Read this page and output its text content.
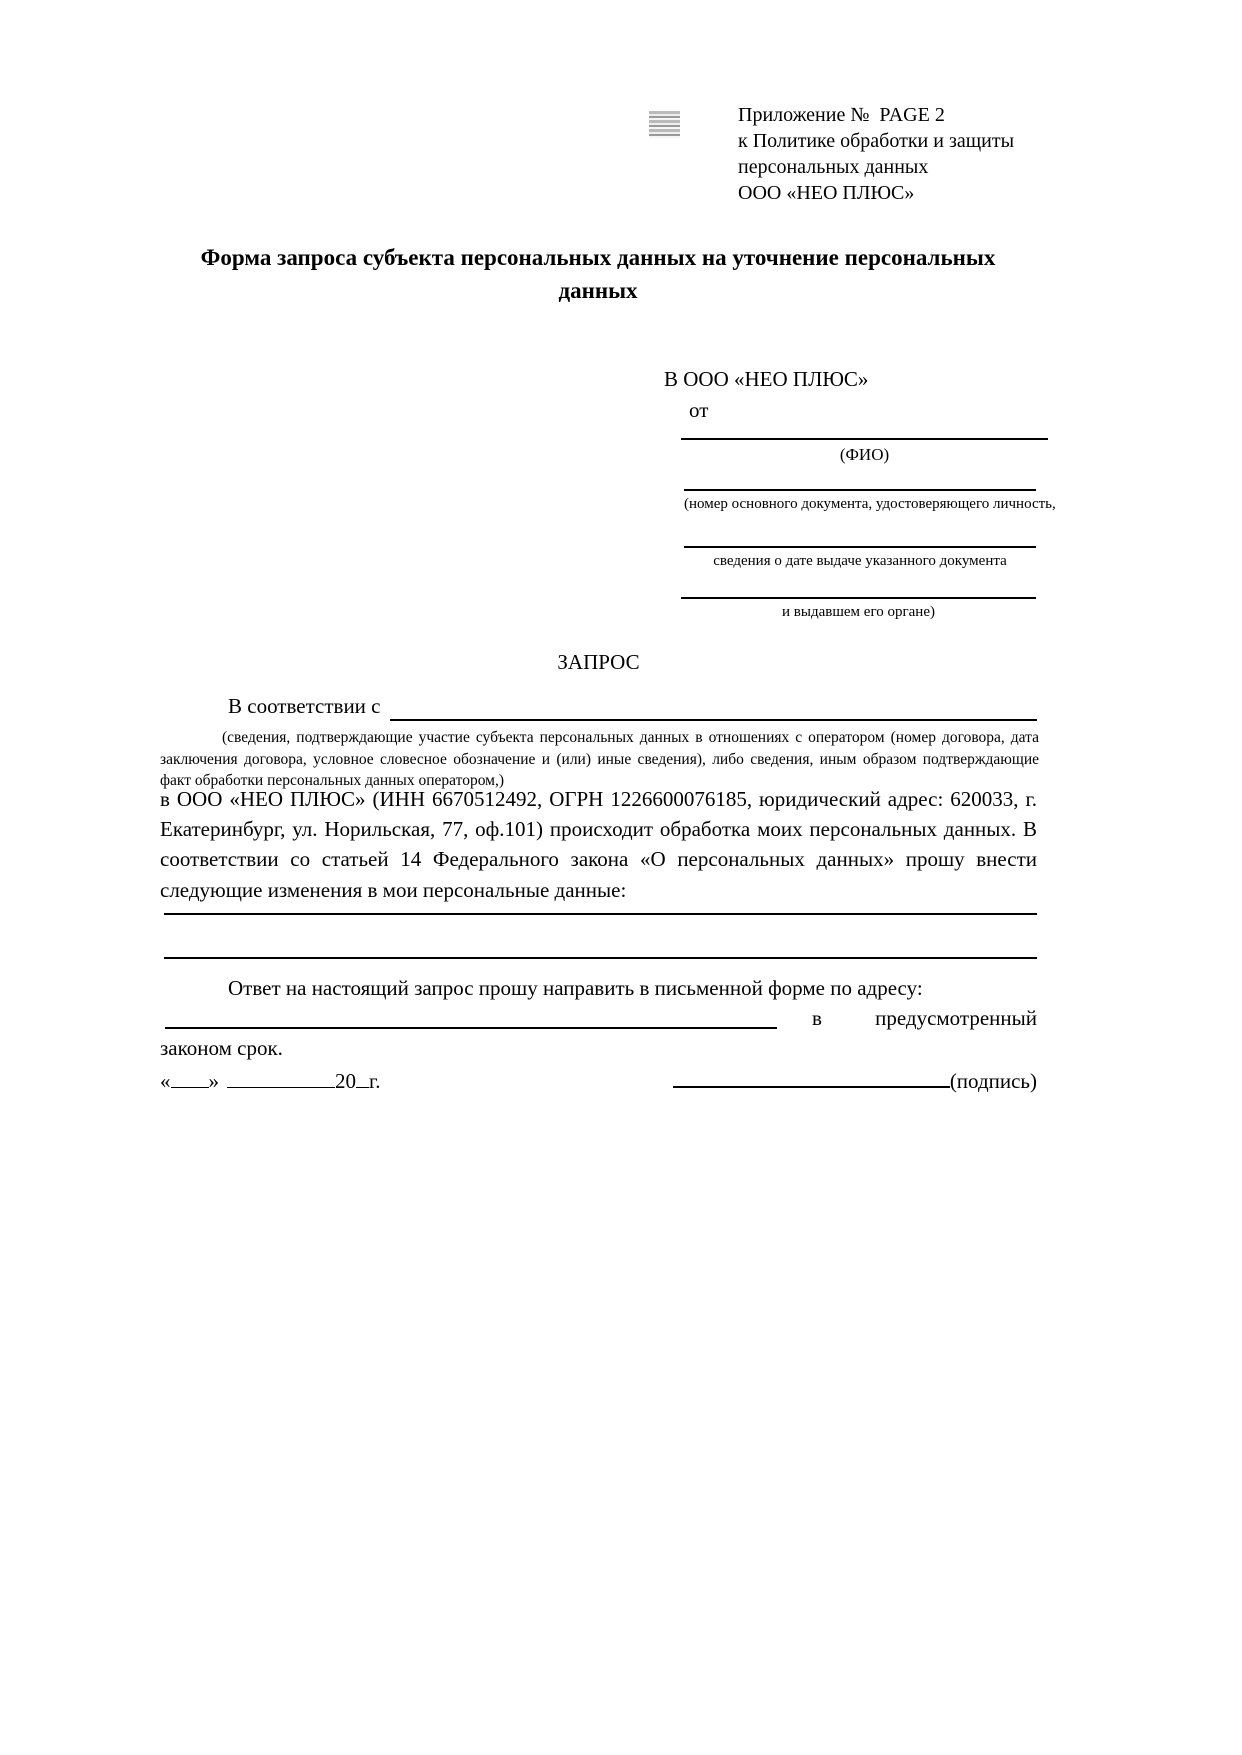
Приложение №  PAGE 2
к Политике обработки и защиты
персональных данных
ООО «НЕО ПЛЮС»
Форма запроса субъекта персональных данных на уточнение персональных данных
В ООО «НЕО ПЛЮС»
от
(ФИО)
(номер основного документа, удостоверяющего личность,
сведения о дате выдаче указанного документа
и выдавшем его органе)
ЗАПРОС
В соответствии с
(сведения, подтверждающие участие субъекта персональных данных в отношениях с оператором (номер договора, дата заключения договора, условное словесное обозначение и (или) иные сведения), либо сведения, иным образом подтверждающие факт обработки персональных данных оператором,)
в ООО «НЕО ПЛЮС» (ИНН 6670512492, ОГРН 1226600076185, юридический адрес: 620033, г. Екатеринбург, ул. Норильская, 77, оф.101) происходит обработка моих персональных данных. В соответствии со статьей 14 Федерального закона «О персональных данных» прошу внести следующие изменения в мои персональные данные:
Ответ на настоящий запрос прошу направить в письменной форме по адресу:
в	предусмотренный
законом срок.
« »	20 г.	(подпись)
